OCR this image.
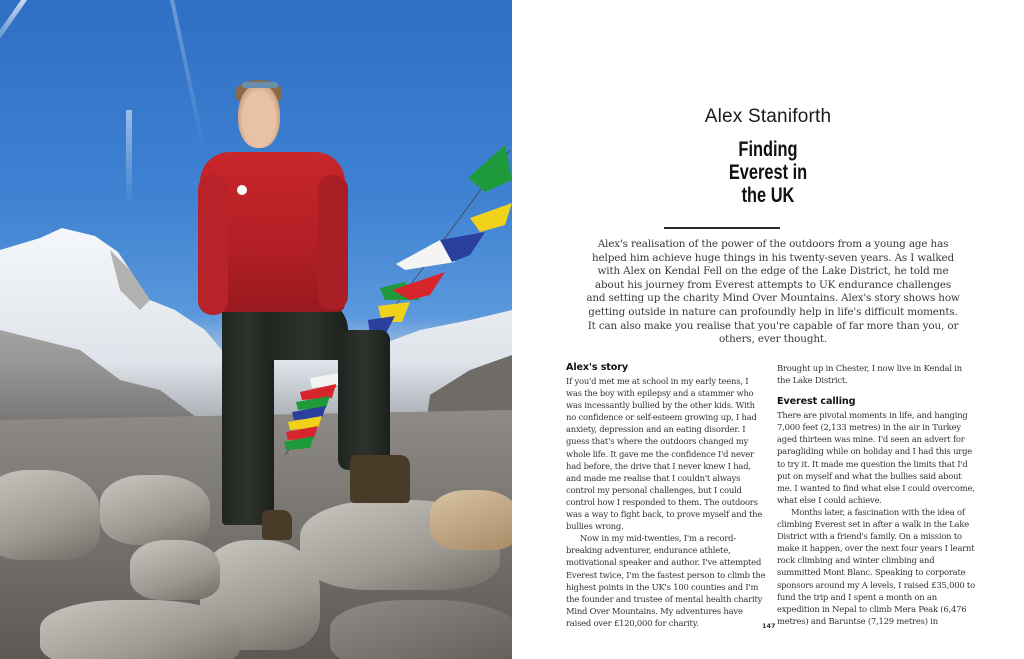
Alex Staniforth
Finding
Everest in
the UK

Alex's realisation of the power of the outdoors from a young age has helped him achieve huge things in his twenty-seven years. As I walked with Alex on Kendal Fell on the edge of the Lake District, he told me about his journey from Everest attempts to UK endurance challenges and setting up the charity Mind Over Mountains. Alex's story shows how getting outside in nature can profoundly help in life's difficult moments. It can also make you realise that you're capable of far more than you, or others, ever thought.

Alex's story

If you'd met me at school in my early teens, I was the boy with epilepsy and a stammer who was incessantly bullied by the other kids. With no confidence or self-esteem growing up, I had anxiety, depression and an eating disorder. I guess that's where the outdoors changed my whole life. It gave me the confidence I'd never had before, the drive that I never knew I had, and made me realise that I couldn't always control my personal challenges, but I could control how I responded to them. The outdoors was a way to fight back, to prove myself and the bullies wrong.

Now in my mid-twenties, I'm a record-breaking adventurer, endurance athlete, motivational speaker and author. I've attempted Everest twice, I'm the fastest person to climb the highest points in the UK's 100 counties and I'm the founder and trustee of mental health charity Mind Over Mountains. My adventures have raised over £120,000 for charity.

Brought up in Chester, I now live in Kendal in the Lake District.

Everest calling

There are pivotal moments in life, and hanging 7,000 feet (2,133 metres) in the air in Turkey aged thirteen was mine. I'd seen an advert for paragliding while on holiday and I had this urge to try it. It made me question the limits that I'd put on myself and what the bullies said about me. I wanted to find what else I could overcome, what else I could achieve.

Months later, a fascination with the idea of climbing Everest set in after a walk in the Lake District with a friend's family. On a mission to make it happen, over the next four years I learnt rock climbing and winter climbing and summitted Mont Blanc. Speaking to corporate sponsors around my A levels, I raised £35,000 to fund the trip and I spent a month on an expedition in Nepal to climb Mera Peak (6,476 metres) and Baruntse (7,129 metres) in

147
